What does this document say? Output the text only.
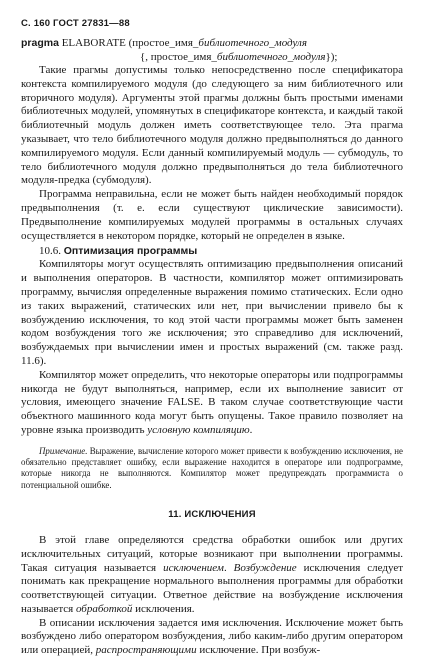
С. 160 ГОСТ 27831—88
pragma ELABORATE (простое_имя_библиотечного_модуля
{, простое_имя_библиотечного_модуля});

Такие прагмы допустимы только непосредственно после спецификатора контекста компилируемого модуля (до следующего за ним библиотечного или вторичного модуля). Аргументы этой прагмы должны быть простыми именами библиотечных модулей, упомянутых в спецификаторе контекста, и каждый такой библиотечный модуль должен иметь соответствующее тело. Эта прагма указывает, что тело библиотечного модуля должно предвыполняться до данного компилируемого модуля. Если данный компилируемый модуль — субмодуль, то тело библиотечного модуля должно предвыполняться до тела библиотечного модуля-предка (субмодуля).

Программа неправильна, если не может быть найден необходимый порядок предвыполнения (т. е. если существуют циклические зависимости). Предвыполнение компилируемых модулей программы в остальных случаях осуществляется в некотором порядке, который не определен в языке.

10.6. Оптимизация программы

Компиляторы могут осуществлять оптимизацию предвыполнения описаний и выполнения операторов. В частности, компилятор может оптимизировать программу, вычисляя определенные выражения помимо статических. Если одно из таких выражений, статических или нет, при вычислении привело бы к возбуждению исключения, то код этой части программы может быть заменен кодом возбуждения того же исключения; это справедливо для исключений, возбуждаемых при вычислении имен и простых выражений (см. также разд. 11.6).

Компилятор может определить, что некоторые операторы или подпрограммы никогда не будут выполняться, например, если их выполнение зависит от условия, имеющего значение FALSE. В таком случае соответствующие части объектного машинного кода могут быть опущены. Такое правило позволяет на уровне языка производить условную компиляцию.

Примечание. Выражение, вычисление которого может привести к возбуждению исключения, не обязательно представляет ошибку, если выражение находится в операторе или подпрограмме, которые никогда не выполняются. Компилятор может предупреждать программиста о потенциальной ошибке.
11. ИСКЛЮЧЕНИЯ

В этой главе определяются средства обработки ошибок или других исключительных ситуаций, которые возникают при выполнении программы. Такая ситуация называется исключением. Возбуждение исключения следует понимать как прекращение нормального выполнения программы для обработки соответствующей ситуации. Ответное действие на возбуждение исключения называется обработкой исключения.

В описании исключения задается имя исключения. Исключение может быть возбуждено либо оператором возбуждения, либо каким-либо другим оператором или операцией, распространяющими исключение. При возбуж-
